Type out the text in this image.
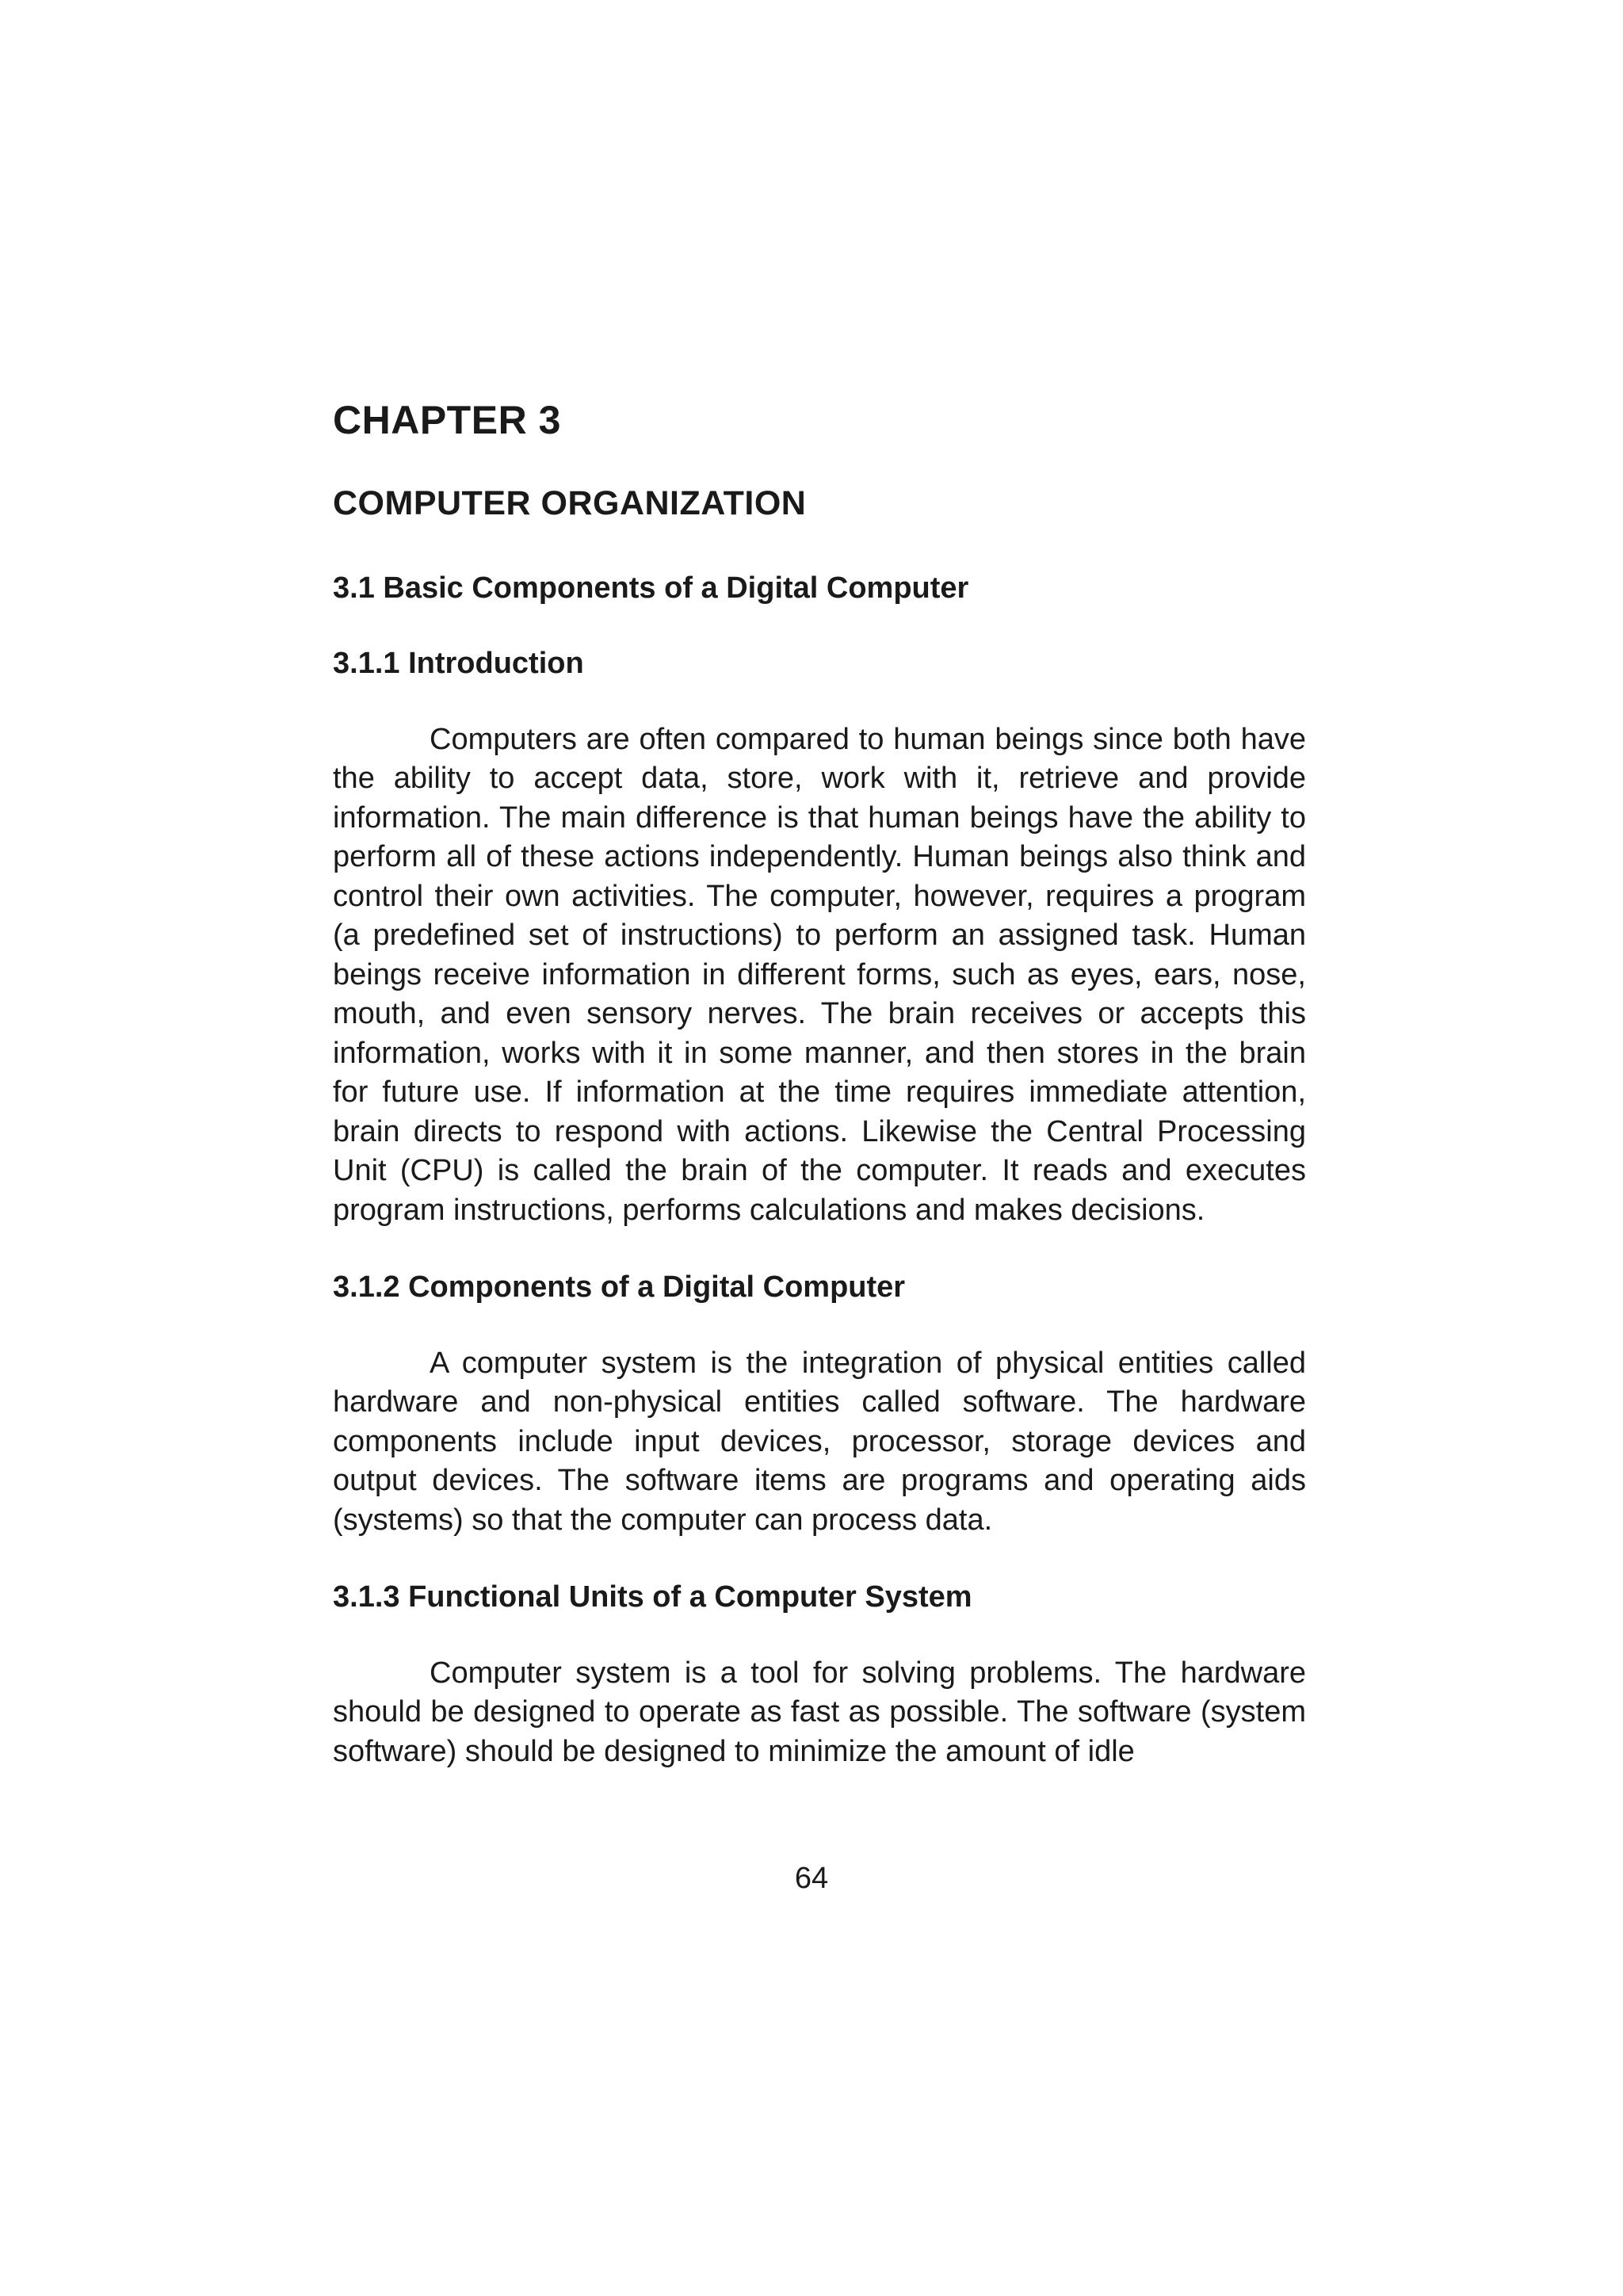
CHAPTER 3
COMPUTER ORGANIZATION
3.1 Basic Components of a Digital Computer
3.1.1 Introduction

Computers are often compared to human beings since both have the ability to accept data, store, work with it, retrieve and provide information. The main difference is that human beings have the ability to perform all of these actions independently. Human beings also think and control their own activities. The computer, however, requires a program (a predefined set of instructions) to perform an assigned task. Human beings receive information in different forms, such as eyes, ears, nose, mouth, and even sensory nerves. The brain receives or accepts this information, works with it in some manner, and then stores in the brain for future use. If information at the time requires immediate attention, brain directs to respond with actions. Likewise the Central Processing Unit (CPU) is called the brain of the computer. It reads and executes program instructions, performs calculations and makes decisions.

3.1.2 Components of a Digital Computer

A computer system is the integration of physical entities called hardware and non-physical entities called software. The hardware components include input devices, processor, storage devices and output devices. The software items are programs and operating aids (systems) so that the computer can process data.

3.1.3 Functional Units of a Computer System

Computer system is a tool for solving problems. The hardware should be designed to operate as fast as possible. The software (system software) should be designed to minimize the amount of idle

64
